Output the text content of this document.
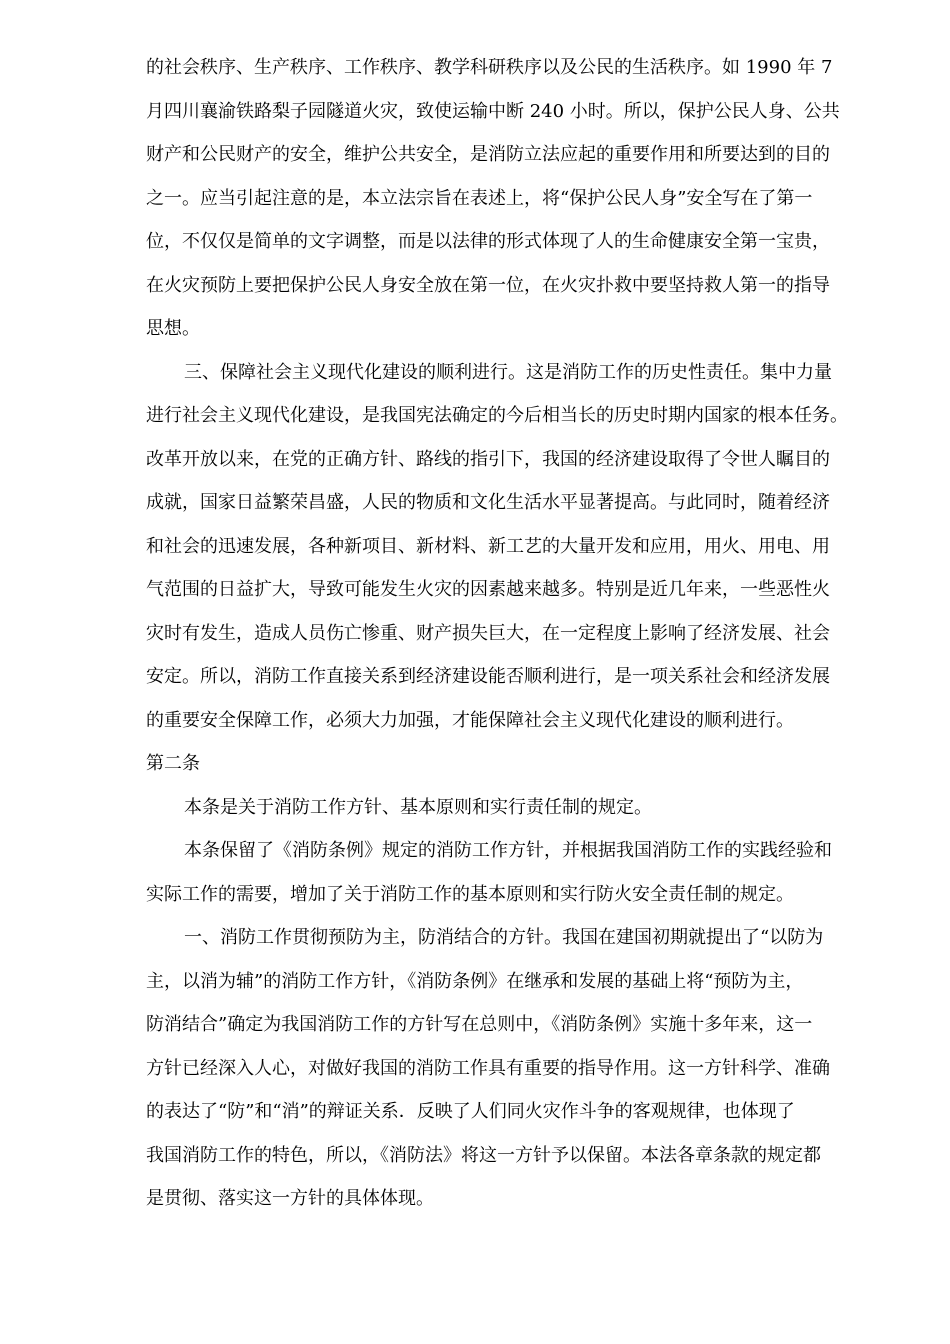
的社会秩序、生产秩序、工作秩序、教学科研秩序以及公民的生活秩序。如 1990 年 7
月四川襄渝铁路梨子园隧道火灾，致使运输中断 240 小时。所以，保护公民人身、公共
财产和公民财产的安全，维护公共安全，是消防立法应起的重要作用和所要达到的目的
之一。应当引起注意的是，本立法宗旨在表述上，将“保护公民人身”安全写在了第一
位，不仅仅是简单的文字调整，而是以法律的形式体现了人的生命健康安全第一宝贵，
在火灾预防上要把保护公民人身安全放在第一位，在火灾扑救中要坚持救人第一的指导
思想。
三、保障社会主义现代化建设的顺利进行。这是消防工作的历史性责任。集中力量
进行社会主义现代化建设，是我国宪法确定的今后相当长的历史时期内国家的根本任务。
改革开放以来，在党的正确方针、路线的指引下，我国的经济建设取得了令世人瞩目的
成就，国家日益繁荣昌盛，人民的物质和文化生活水平显著提高。与此同时，随着经济
和社会的迅速发展，各种新项目、新材料、新工艺的大量开发和应用，用火、用电、用
气范围的日益扩大，导致可能发生火灾的因素越来越多。特别是近几年来，一些恶性火
灾时有发生，造成人员伤亡惨重、财产损失巨大，在一定程度上影响了经济发展、社会
安定。所以，消防工作直接关系到经济建设能否顺利进行，是一项关系社会和经济发展
的重要安全保障工作，必须大力加强，才能保障社会主义现代化建设的顺利进行。
第二条
本条是关于消防工作方针、基本原则和实行责任制的规定。
本条保留了《消防条例》规定的消防工作方针，并根据我国消防工作的实践经验和
实际工作的需要，增加了关于消防工作的基本原则和实行防火安全责任制的规定。
一、消防工作贯彻预防为主，防消结合的方针。我国在建国初期就提出了“以防为
主，以消为辅”的消防工作方针，《消防条例》在继承和发展的基础上将“预防为主，
防消结合”确定为我国消防工作的方针写在总则中，《消防条例》实施十多年来，这一
方针已经深入人心，对做好我国的消防工作具有重要的指导作用。这一方针科学、准确
的表达了“防”和“消”的辩证关系．反映了人们同火灾作斗争的客观规律，也体现了
我国消防工作的特色，所以，《消防法》将这一方针予以保留。本法各章条款的规定都
是贯彻、落实这一方针的具体体现。
